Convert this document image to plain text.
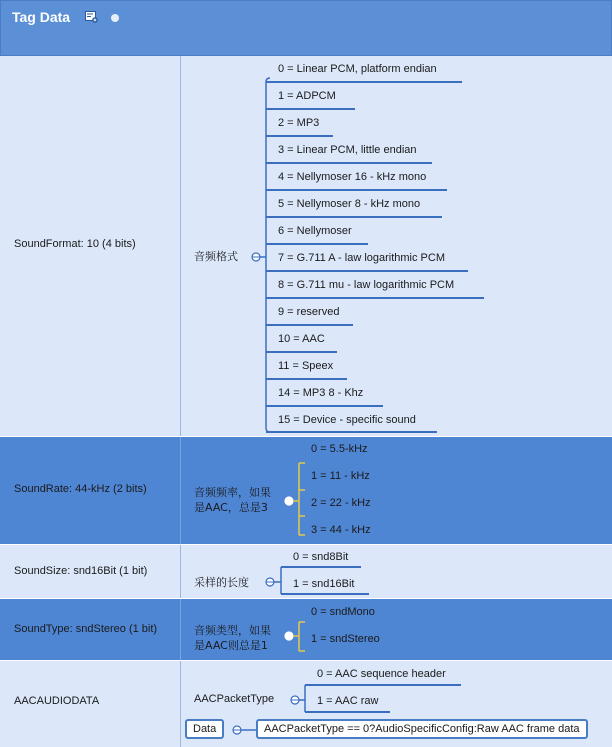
Tag Data
SoundFormat: 10 (4 bits)
音频格式
0 = Linear PCM, platform endian
1 = ADPCM
2 = MP3
3 = Linear PCM, little endian
4 = Nellymoser 16 - kHz mono
5 = Nellymoser 8 - kHz mono
6 = Nellymoser
7 = G.711 A - law logarithmic PCM
8 = G.711 mu - law logarithmic PCM
9 = reserved
10 = AAC
11 = Speex
14 = MP3 8 - Khz
15 = Device - specific sound
SoundRate: 44-kHz (2 bits)	音频频率，如果
是AAC，总是3
0 = 5.5-kHz
1 = 11 - kHz
2 = 22 - kHz
3 = 44 - kHz
SoundSize: snd16Bit (1 bit)
采样的长度
0 = snd8Bit
1 = snd16Bit
SoundType: sndStereo (1 bit)	音频类型，如果
是AAC则总是1
0 = sndMono
1 = sndStereo
AACAUDIODATA	AACPacketType
0 = AAC sequence header
1 = AAC raw
Data	AACPacketType == 0?AudioSpecificConfig:Raw AAC frame data
